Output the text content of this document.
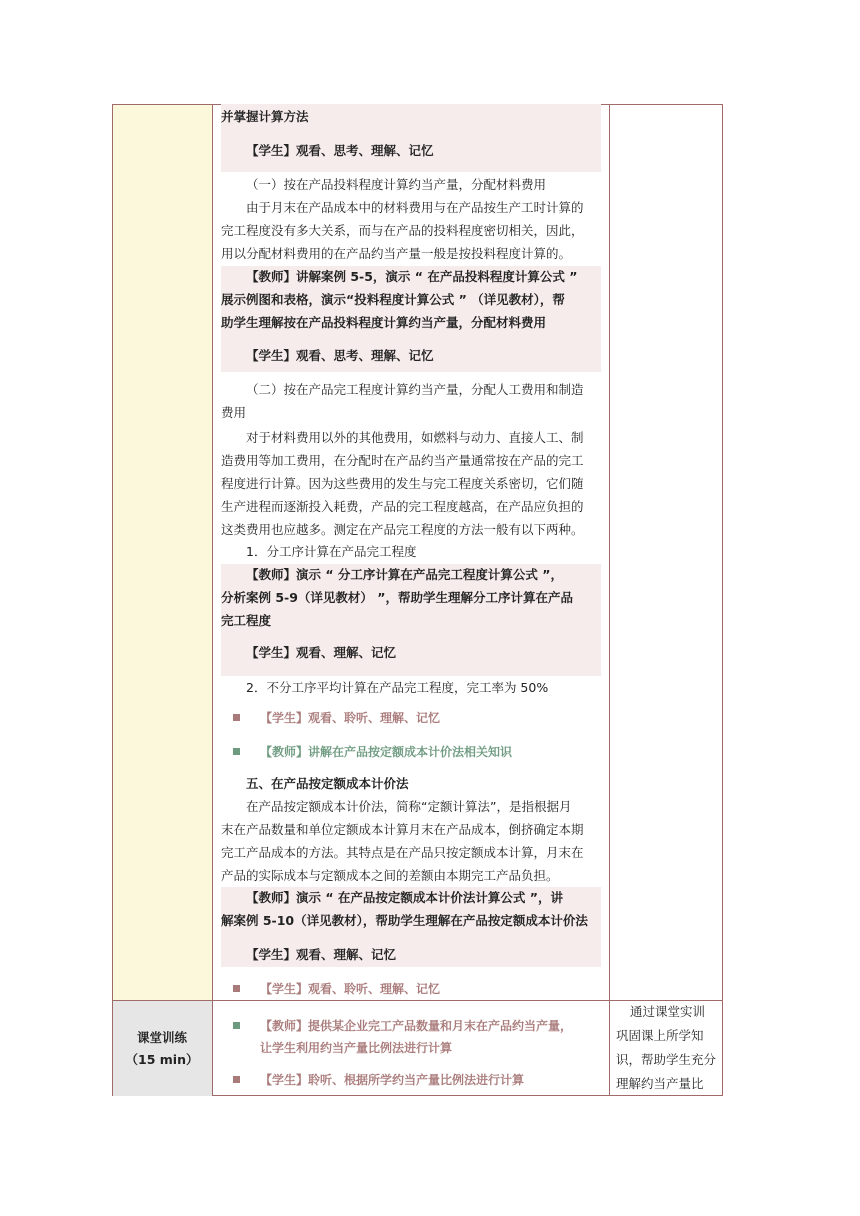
并掌握计算方法
【学生】观看、思考、理解、记忆
（一）按在产品投料程度计算约当产量，分配材料费用
由于月末在产品成本中的材料费用与在产品按生产工时计算的
完工程度没有多大关系，而与在产品的投料程度密切相关，因此，
用以分配材料费用的在产品约当产量一般是按投料程度计算的。
【教师】讲解案例 5-5，演示 “ 在产品投料程度计算公式 ”
展示例图和表格，演示“投料程度计算公式 ” （详见教材），帮
助学生理解按在产品投料程度计算约当产量，分配材料费用
【学生】观看、思考、理解、记忆
（二）按在产品完工程度计算约当产量，分配人工费用和制造
费用
对于材料费用以外的其他费用，如燃料与动力、直接人工、制
造费用等加工费用，在分配时在产品约当产量通常按在产品的完工
程度进行计算。因为这些费用的发生与完工程度关系密切，它们随
生产进程而逐渐投入耗费，产品的完工程度越高，在产品应负担的
这类费用也应越多。测定在产品完工程度的方法一般有以下两种。
1．分工序计算在产品完工程度
【教师】演示 “ 分工序计算在产品完工程度计算公式 ”，
分析案例 5-9（详见教材） ”，帮助学生理解分工序计算在产品
完工程度
【学生】观看、理解、记忆
2．不分工序平均计算在产品完工程度，完工率为 50%
【学生】观看、聆听、理解、记忆
【教师】讲解在产品按定额成本计价法相关知识
五、在产品按定额成本计价法
在产品按定额成本计价法，简称“定额计算法”，是指根据月
末在产品数量和单位定额成本计算月末在产品成本，倒挤确定本期
完工产品成本的方法。其特点是在产品只按定额成本计算，月末在
产品的实际成本与定额成本之间的差额由本期完工产品负担。
【教师】演示 “ 在产品按定额成本计价法计算公式 ”，讲
解案例 5-10（详见教材），帮助学生理解在产品按定额成本计价法
【学生】观看、理解、记忆
【学生】观看、聆听、理解、记忆
课堂训练
（15 min）
【教师】提供某企业完工产品数量和月末在产品约当产量，
让学生利用约当产量比例法进行计算
【学生】聆听、根据所学约当产量比例法进行计算
通过课堂实训
巩固课上所学知
识，帮助学生充分
理解约当产量比
